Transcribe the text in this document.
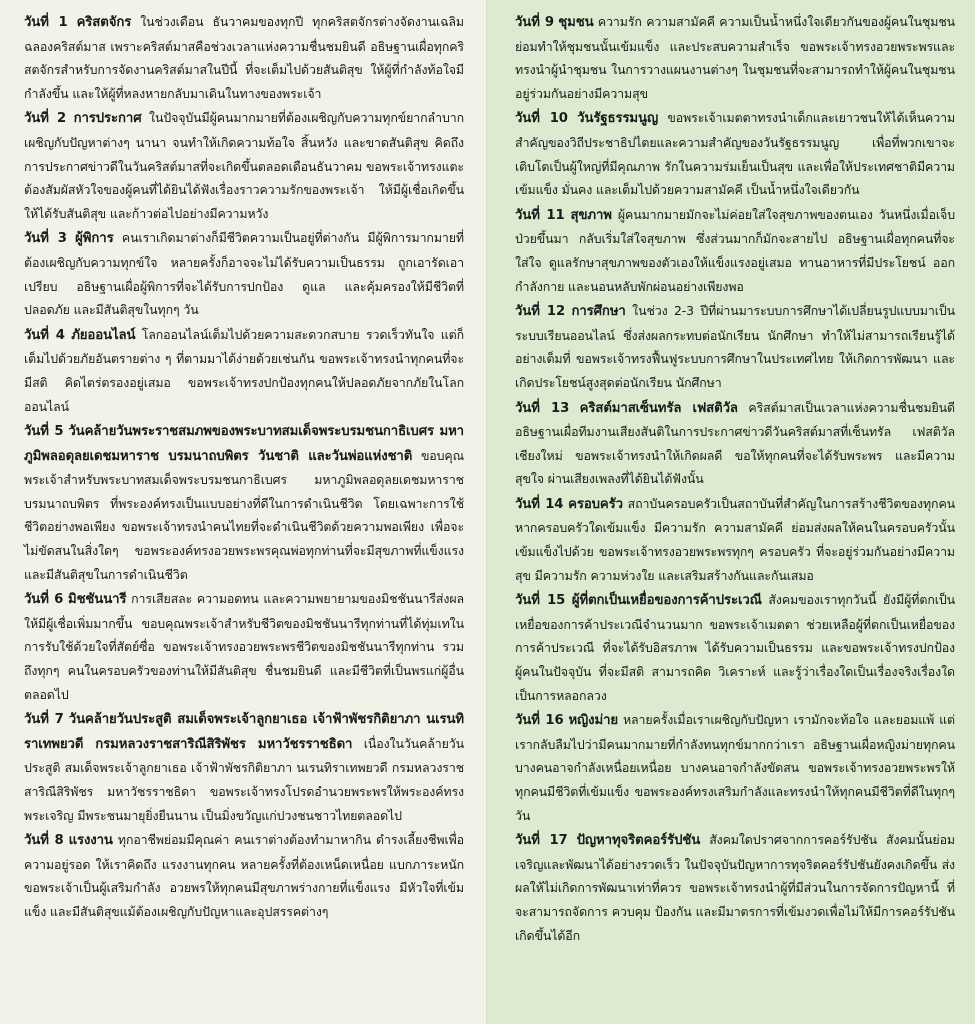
วันที่ 1 คริสตจักร ในช่วงเดือน ธันวาคมของทุกปี ทุกคริสตจักรต่างจัดงานเฉลิมฉลองคริสต์มาส เพราะคริสต์มาสคือช่วงเวลาแห่งความชื่นชมยินดี อธิษฐานเผื่อทุกคริสตจักรสำหรับการจัดงานคริสต์มาสในปีนี้ ที่จะเต็มไปด้วยสันติสุข ให้ผู้ที่กำลังท้อใจมีกำลังขึ้น และให้ผู้ที่หลงหายกลับมาเดินในทางของพระเจ้า

วันที่ 2 การประกาศ ในปัจจุบันมีผู้คนมากมายที่ต้องเผชิญกับความทุกข์ยากลำบาก เผชิญกับปัญหาต่างๆ นานา จนทำให้เกิดความท้อใจ สิ้นหวัง และขาดสันติสุข คิดถึงการประกาศข่าวดีในวันคริสต์มาสที่จะเกิดขึ้นตลอดเดือนธันวาคม ขอพระเจ้าทรงแตะต้องสัมผัสหัวใจของผู้คนที่ได้ยินได้ฟังเรื่องราวความรักของพระเจ้า ให้มีผู้เชื่อเกิดขึ้น ให้ได้รับสันติสุข และก้าวต่อไปอย่างมีความหวัง

วันที่ 3 ผู้พิการ คนเราเกิดมาต่างก็มีชีวิตความเป็นอยู่ที่ต่างกัน มีผู้พิการมากมายที่ต้องเผชิญกับความทุกข์ใจ หลายครั้งก็อาจจะไม่ได้รับความเป็นธรรม ถูกเอารัดเอาเปรียบ อธิษฐานเผื่อผู้พิการที่จะได้รับการปกป้อง ดูแล และคุ้มครองให้มีชีวิตที่ปลอดภัย และมีสันติสุขในทุกๆ วัน

วันที่ 4 ภัยออนไลน์ โลกออนไลน์เต็มไปด้วยความสะดวกสบาย รวดเร็วทันใจ แต่ก็เต็มไปด้วยภัยอันตรายต่าง ๆ ที่ตามมาได้ง่ายด้วยเช่นกัน ขอพระเจ้าทรงนำทุกคนที่จะมีสติ คิดไตร่ตรองอยู่เสมอ ขอพระเจ้าทรงปกป้องทุกคนให้ปลอดภัยจากภัยในโลกออนไลน์

วันที่ 5 วันคล้ายวันพระราชสมภพของพระบาทสมเด็จพระบรมชนกาธิเบศร มหาภูมิพลอดุลยเดชมหาราช บรมนาถบพิตร วันชาติ และวันพ่อแห่งชาติ ขอบคุณพระเจ้าสำหรับพระบาทสมเด็จพระบรมชนกาธิเบศร มหาภูมิพลอดุลยเดชมหาราช บรมนาถบพิตร ที่พระองค์ทรงเป็นแบบอย่างที่ดีในการดำเนินชีวิต โดยเฉพาะการใช้ชีวิตอย่างพอเพียง ขอพระเจ้าทรงนำคนไทยที่จะดำเนินชีวิตด้วยความพอเพียง เพื่อจะไม่ขัดสนในสิ่งใดๆ ขอพระองค์ทรงอวยพระพรคุณพ่อทุกท่านที่จะมีสุขภาพที่แข็งแรงและมีสันติสุขในการดำเนินชีวิต

วันที่ 6 มิชชันนารี การเสียสละ ความอดทน และความพยายามของมิชชันนารีส่งผลให้มีผู้เชื่อเพิ่มมากขึ้น ขอบคุณพระเจ้าสำหรับชีวิตของมิชชันนารีทุกท่านที่ได้ทุ่มเทในการรับใช้ด้วยใจที่สัตย์ซื่อ ขอพระเจ้าทรงอวยพระพรชีวิตของมิชชันนารีทุกท่าน รวมถึงทุกๆ คนในครอบครัวของท่านให้มีสันติสุข ชื่นชมยินดี และมีชีวิตที่เป็นพรแก่ผู้อื่นตลอดไป

วันที่ 7 วันคล้ายวันประสูติ สมเด็จพระเจ้าลูกยาเธอ เจ้าฟ้าพัชรกิติยาภา นเรนทิราเทพยวดี กรมหลวงราชสาริณีสิริพัชร มหาวัชรราชธิดา เนื่องในวันคล้ายวันประสูติ สมเด็จพระเจ้าลูกยาเธอ เจ้าฟ้าพัชรกิติยาภา นเรนทิราเทพยวดี กรมหลวงราชสาริณีสิริพัชร มหาวัชรราชธิดา ขอพระเจ้าทรงโปรดอำนวยพระพรให้พระองค์ทรงพระเจริญ มีพระชนมายุยิ่งยืนนาน เป็นมิ่งขวัญแก่ปวงชนชาวไทยตลอดไป

วันที่ 8 แรงงาน ทุกอาชีพย่อมมีคุณค่า คนเราต่างต้องทำมาหากิน ดำรงเลี้ยงชีพเพื่อความอยู่รอด ให้เราคิดถึง แรงงานทุกคน หลายครั้งที่ต้องเหน็ดเหนื่อย แบกภาระหนัก ขอพระเจ้าเป็นผู้เสริมกำลัง อวยพรให้ทุกคนมีสุขภาพร่างกายที่แข็งแรง มีหัวใจที่เข้มแข็ง และมีสันติสุขแม้ต้องเผชิญกับปัญหาและอุปสรรคต่างๆ

วันที่ 9 ชุมชน ความรัก ความสามัคคี ความเป็นน้ำหนึ่งใจเดียวกันของผู้คนในชุมชนย่อมทำให้ชุมชนนั้นเข้มแข็ง และประสบความสำเร็จ ขอพระเจ้าทรงอวยพระพรและทรงนำผู้นำชุมชน ในการวางแผนงานต่างๆ ในชุมชนที่จะสามารถทำให้ผู้คนในชุมชนอยู่ร่วมกันอย่างมีความสุข

วันที่ 10 วันรัฐธรรมนูญ ขอพระเจ้าเมตตาทรงนำเด็กและเยาวชนให้ได้เห็นความสำคัญของวิถีประชาธิปไตยและความสำคัญของวันรัฐธรรมนูญ เพื่อที่พวกเขาจะเติบโตเป็นผู้ใหญ่ที่มีคุณภาพ รักในความร่มเย็นเป็นสุข และเพื่อให้ประเทศชาติมีความเข้มแข็ง มั่นคง และเต็มไปด้วยความสามัคคี เป็นน้ำหนึ่งใจเดียวกัน

วันที่ 11 สุขภาพ ผู้คนมากมายมักจะไม่ค่อยใส่ใจสุขภาพของตนเอง วันหนึ่งเมื่อเจ็บป่วยขึ้นมา กลับเริ่มใส่ใจสุขภาพ ซึ่งส่วนมากก็มักจะสายไป อธิษฐานเผื่อทุกคนที่จะใส่ใจ ดูแลรักษาสุขภาพของตัวเองให้แข็งแรงอยู่เสมอ ทานอาหารที่มีประโยชน์ ออกกำลังกาย และนอนหลับพักผ่อนอย่างเพียงพอ

วันที่ 12 การศึกษา ในช่วง 2-3 ปีที่ผ่านมาระบบการศึกษาได้เปลี่ยนรูปแบบมาเป็นระบบเรียนออนไลน์ ซึ่งส่งผลกระทบต่อนักเรียน นักศึกษา ทำให้ไม่สามารถเรียนรู้ได้อย่างเต็มที่ ขอพระเจ้าทรงฟื้นฟูระบบการศึกษาในประเทศไทย ให้เกิดการพัฒนา และเกิดประโยชน์สูงสุดต่อนักเรียน นักศึกษา

วันที่ 13 คริสต์มาสเซ็นทรัล เฟสติวัล คริสต์มาสเป็นเวลาแห่งความชื่นชมยินดี อธิษฐานเผื่อทีมงานเสียงสันติในการประกาศข่าวดีวันคริสต์มาสที่เซ็นทรัล เฟสติวัลเชียงใหม่ ขอพระเจ้าทรงนำให้เกิดผลดี ขอให้ทุกคนที่จะได้รับพระพร และมีความสุขใจ ผ่านเสียงเพลงที่ได้ยินได้ฟังนั้น

วันที่ 14 ครอบครัว สถาบันครอบครัวเป็นสถาบันที่สำคัญในการสร้างชีวิตของทุกคน หากครอบครัวใดเข้มแข็ง มีความรัก ความสามัคคี ย่อมส่งผลให้คนในครอบครัวนั้นเข้มแข็งไปด้วย ขอพระเจ้าทรงอวยพระพรทุกๆ ครอบครัว ที่จะอยู่ร่วมกันอย่างมีความสุข มีความรัก ความห่วงใย และเสริมสร้างกันและกันเสมอ

วันที่ 15 ผู้ที่ตกเป็นเหยื่อของการค้าประเวณี สังคมของเราทุกวันนี้ ยังมีผู้ที่ตกเป็นเหยื่อของการค้าประเวณีจำนวนมาก ขอพระเจ้าเมตตา ช่วยเหลือผู้ที่ตกเป็นเหยื่อของการค้าประเวณี ที่จะได้รับอิสรภาพ ได้รับความเป็นธรรม และขอพระเจ้าทรงปกป้องผู้คนในปัจจุบัน ที่จะมีสติ สามารถคิด วิเคราะห์ และรู้ว่าเรื่องใดเป็นเรื่องจริงเรื่องใดเป็นการหลอกลวง

วันที่ 16 หญิงม่าย หลายครั้งเมื่อเราเผชิญกับปัญหา เรามักจะท้อใจ และยอมแพ้ แต่เรากลับลืมไปว่ามีคนมากมายที่กำลังทนทุกข์มากกว่าเรา อธิษฐานเผื่อหญิงม่ายทุกคน บางคนอาจกำลังเหนื่อยเหนื่อย บางคนอาจกำลังขัดสน ขอพระเจ้าทรงอวยพระพรให้ทุกคนมีชีวิตที่เข้มแข็ง ขอพระองค์ทรงเสริมกำลังและทรงนำให้ทุกคนมีชีวิตที่ดีในทุกๆ วัน

วันที่ 17 ปัญหาทุจริตคอร์รัปชัน สังคมใดปราศจากการคอร์รัปชัน สังคมนั้นย่อมเจริญและพัฒนาได้อย่างรวดเร็ว ในปัจจุบันปัญหาการทุจริตคอร์รัปชันยังคงเกิดขึ้น ส่งผลให้ไม่เกิดการพัฒนาเท่าที่ควร ขอพระเจ้าทรงนำผู้ที่มีส่วนในการจัดการปัญหานี้ ที่จะสามารถจัดการ ควบคุม ป้องกัน และมีมาตรการที่เข้มงวดเพื่อไม่ให้มีการคอร์รัปชันเกิดขึ้นได้อีก
